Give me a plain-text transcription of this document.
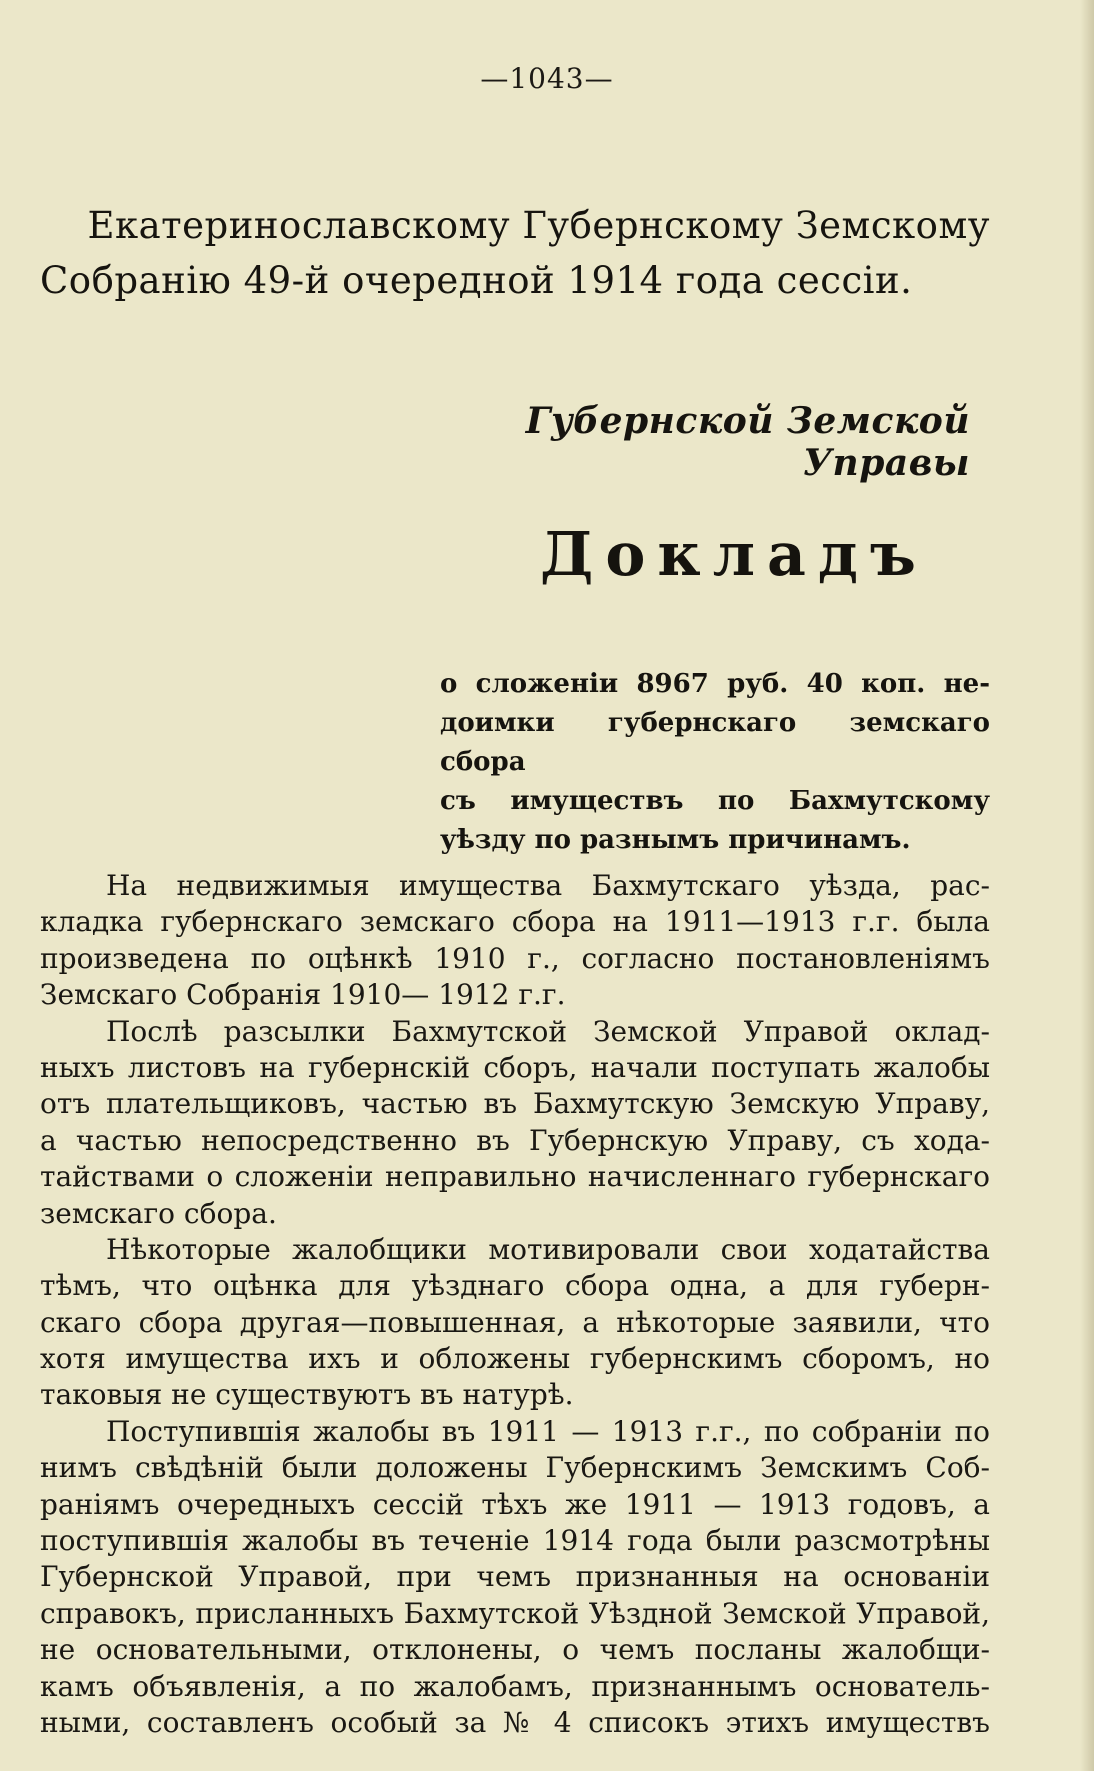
—1043—
Екатеринославскому Губернскому Земскому
Собранію 49-й очередной 1914 года сессіи.
Губернской Земской Управы
Докладъ
о сложеніи 8967 руб. 40 коп. не-
доимки губернскаго земскаго сбора
съ имуществъ по Бахмутскому
уѣзду по разнымъ причинамъ.
На недвижимыя имущества Бахмутскаго уѣзда, рас-
кладка губернскаго земскаго сбора на 1911—1913 г.г. была
произведена по оцѣнкѣ 1910 г., согласно постановленіямъ
Земскаго Собранія 1910— 1912 г.г.
Послѣ разсылки Бахмутской Земской Управой оклад-
ныхъ листовъ на губернскій сборъ, начали поступать жалобы
отъ плательщиковъ, частью въ Бахмутскую Земскую Управу,
а частью непосредственно въ Губернскую Управу, съ хода-
тайствами о сложеніи неправильно начисленнаго губернскаго
земскаго сбора.
Нѣкоторые жалобщики мотивировали свои ходатайства
тѣмъ, что оцѣнка для уѣзднаго сбора одна, а для губерн-
скаго сбора другая—повышенная, а нѣкоторые заявили, что
хотя имущества ихъ и обложены губернскимъ сборомъ, но
таковыя не существуютъ въ натурѣ.
Поступившія жалобы въ 1911 — 1913 г.г., по собраніи по
нимъ свѣдѣній были доложены Губернскимъ Земскимъ Соб-
раніямъ очередныхъ сессій тѣхъ же 1911 — 1913 годовъ, а
поступившія жалобы въ теченіе 1914 года были разсмотрѣны
Губернской Управой, при чемъ признанныя на основаніи
справокъ, присланныхъ Бахмутской Уѣздной Земской Управой,
не основательными, отклонены, о чемъ посланы жалобщи-
камъ объявленія, а по жалобамъ, признаннымъ основатель-
ными, составленъ особый за № 4 списокъ этихъ имуществъ
